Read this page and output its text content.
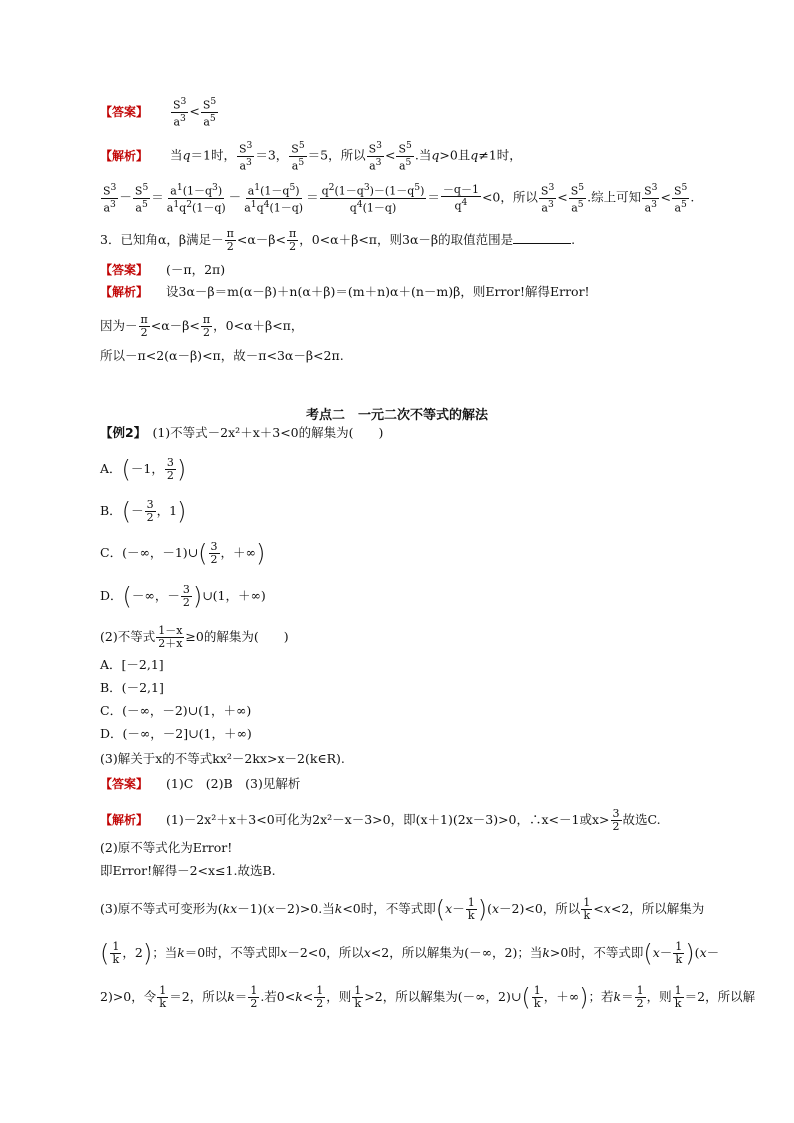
【答案】 $\frac{S^3}{a^3} < \frac{S^5}{a^5}$
【解析】 当q＝1时， $\frac{S^3}{a^3} =3$， $\frac{S^5}{a^5} =5$，所以 $\frac{S^3}{a^3} < \frac{S^5}{a^5}$ .当q>0且q≠1时，
$\frac{S^3}{a^3} - \frac{S^5}{a^5} = \frac{a^1(1-q^3)}{a^1q^2(1-q)} - \frac{a^1(1-q^5)}{a^1q^4(1-q)} = \frac{q^2(1-q^3)-(1-q^5)}{q^4(1-q)} = \frac{-q-1}{q^4} <0$，所以 $\frac{S^3}{a^3} < \frac{S^5}{a^5}$ .综上可知 $\frac{S^3}{a^3} < \frac{S^5}{a^5}$ .
3．已知角α，β满足－ $\frac{\pi}{2} <\alpha-\beta< \frac{\pi}{2}$ ，0<α＋β<π，则3α－β的取值范围是	.
【答案】 (－π，2π)
【解析】 设3α－β＝m(α－β)＋n(α＋β)＝(m＋n)α＋(n－m)β，则Error!解得Error!
因为－ $\frac{\pi}{2} <\alpha-\beta< \frac{\pi}{2}$ ，0<α＋β<π，
所以－π<2(α－β)<π，故－π<3α－β<2π.
考点二　一元二次不等式的解法
【例2】　 (1)不等式－2x²＋x＋3<0的解集为(　　)
A．(－1， $\frac{3}{2}$ )
B．(－ $\frac{3}{2}$ ，1)
C．(－∞，－1)∪( $\frac{3}{2}$ ，＋∞)
D．(－∞，－ $\frac{3}{2}$ )∪(1，＋∞)
(2)不等式 $\frac{1-x}{2+x} \ge 0$的解集为(　　)
A．[－2,1]
B．(－2,1]
C．(－∞，－2)∪(1，＋∞)
D．(－∞，－2]∪(1，＋∞)
(3)解关于x的不等式kx²－2kx>x－2(k∈R).
【答案】 (1)C　(2)B　(3)见解析
【解析】 (1)－2x²＋x＋3<0可化为2x²－x－3>0，即(x＋1)(2x－3)>0，∴x<－1或$x> \frac{3}{2}$ 故选C.
(2)原不等式化为Error!
即Error!解得－2<x≤1.故选B.
(3)原不等式可变形为(kx－1)(x－2)>0.当k<0时，不等式即$(x- \frac{1}{k} )(x-2)<0$，所以 $\frac{1}{k} <x<2$，所以解集为
( $\frac{1}{k}$ ，2)；当k＝0时，不等式即x－2<0，所以x<2，所以解集为(－∞，2)；当k>0时，不等式即$(x- \frac{1}{k} )(x-$
2)>0，令 $\frac{1}{k} =2$，所以$k= \frac{1}{2}$ .若$0<k< \frac{1}{2}$ ，则 $\frac{1}{k} >2$，所以解集为(－∞，2)∪( $\frac{1}{k}$ ，＋∞)；若$k= \frac{1}{2}$ ，则 $\frac{1}{k} =2$，所以解
